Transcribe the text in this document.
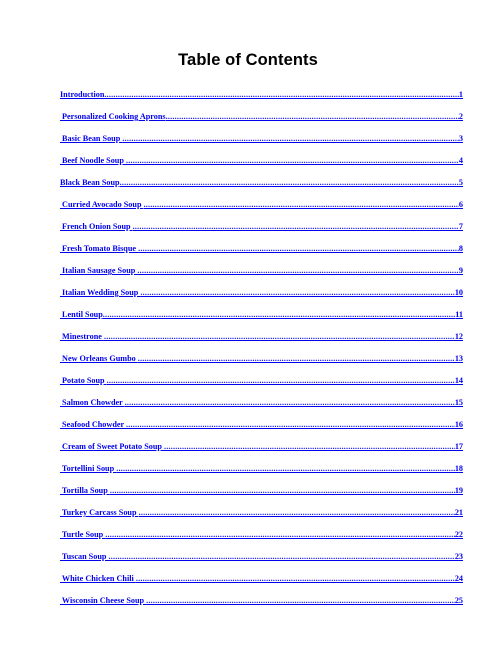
Table of Contents
Introduction .....	1
Personalized Cooking Aprons .....	2
Basic Bean Soup .....	3
Beef Noodle Soup .....	4
Black Bean Soup .....	5
Curried Avocado Soup .....	6
French Onion Soup .....	7
Fresh Tomato Bisque .....	8
Italian Sausage Soup .....	9
Italian Wedding Soup .....	10
Lentil Soup .....	11
Minestrone .....	12
New Orleans Gumbo .....	13
Potato Soup .....	14
Salmon Chowder .....	15
Seafood Chowder .....	16
Cream of Sweet Potato Soup .....	17
Tortellini Soup .....	18
Tortilla Soup .....	19
Turkey Carcass Soup .....	21
Turtle Soup .....	22
Tuscan Soup .....	23
White Chicken Chili .....	24
Wisconsin Cheese Soup .....	25
